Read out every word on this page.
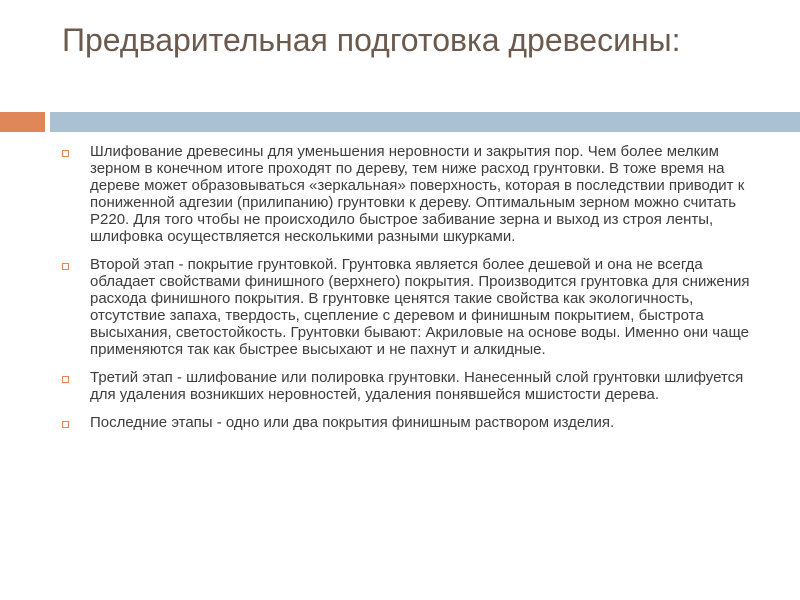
Предварительная подготовка древесины:
Шлифование древесины для уменьшения неровности и закрытия пор. Чем более мелким зерном в конечном итоге проходят по дереву, тем ниже расход грунтовки. В тоже время на дереве может образовываться «зеркальная» поверхность, которая в последствии приводит к пониженной адгезии (прилипанию) грунтовки к дереву. Оптимальным зерном можно считать Р220. Для того чтобы не происходило быстрое забивание зерна и выход из строя ленты, шлифовка осуществляется несколькими разными шкурками.
Второй этап - покрытие грунтовкой. Грунтовка является более дешевой и она не всегда обладает свойствами финишного (верхнего) покрытия. Производится грунтовка для снижения расхода финишного покрытия. В грунтовке ценятся такие свойства как экологичность, отсутствие запаха, твердость, сцепление с деревом и финишным покрытием, быстрота высыхания, светостойкость. Грунтовки бывают: Акриловые на основе воды. Именно они чаще применяются так как быстрее высыхают и не пахнут и алкидные.
Третий этап - шлифование или полировка грунтовки. Нанесенный слой грунтовки шлифуется для удаления возникших неровностей, удаления понявшейся мшистости дерева.
Последние этапы - одно или два покрытия финишным раствором изделия.
